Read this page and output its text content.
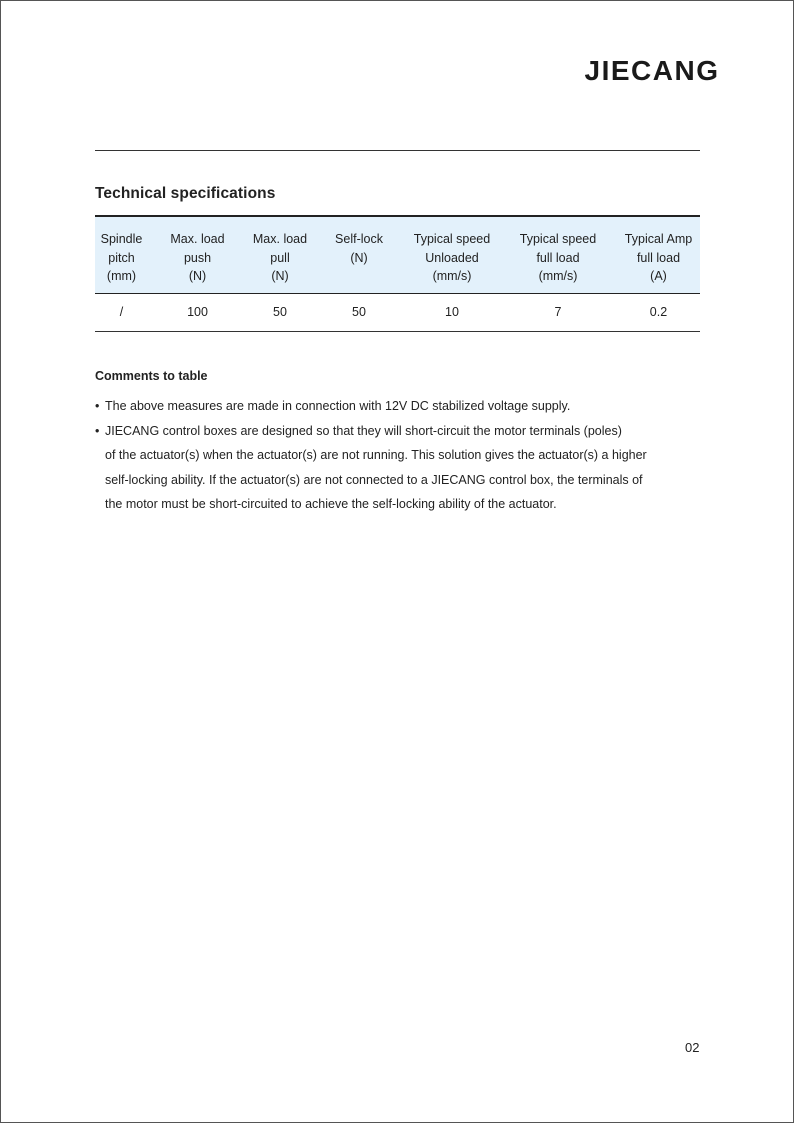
JIECANG
Technical specifications
Spindle
pitch
(mm)	Max. load
push
(N)	Max. load
pull
(N)	Self-lock
(N)	Typical speed
Unloaded
(mm/s)	Typical speed
full load
(mm/s)	Typical Amp
full load
(A)

/	100	50	50	10	7	0.2
Comments to table
• The above measures are made in connection with 12V DC stabilized voltage supply.
• JIECANG control boxes are designed so that they will short-circuit the motor terminals (poles)
of the actuator(s) when the actuator(s) are not running. This solution gives the actuator(s) a higher
self-locking ability. If the actuator(s) are not connected to a JIECANG control box, the terminals of
the motor must be short-circuited to achieve the self-locking ability of the actuator.
02
